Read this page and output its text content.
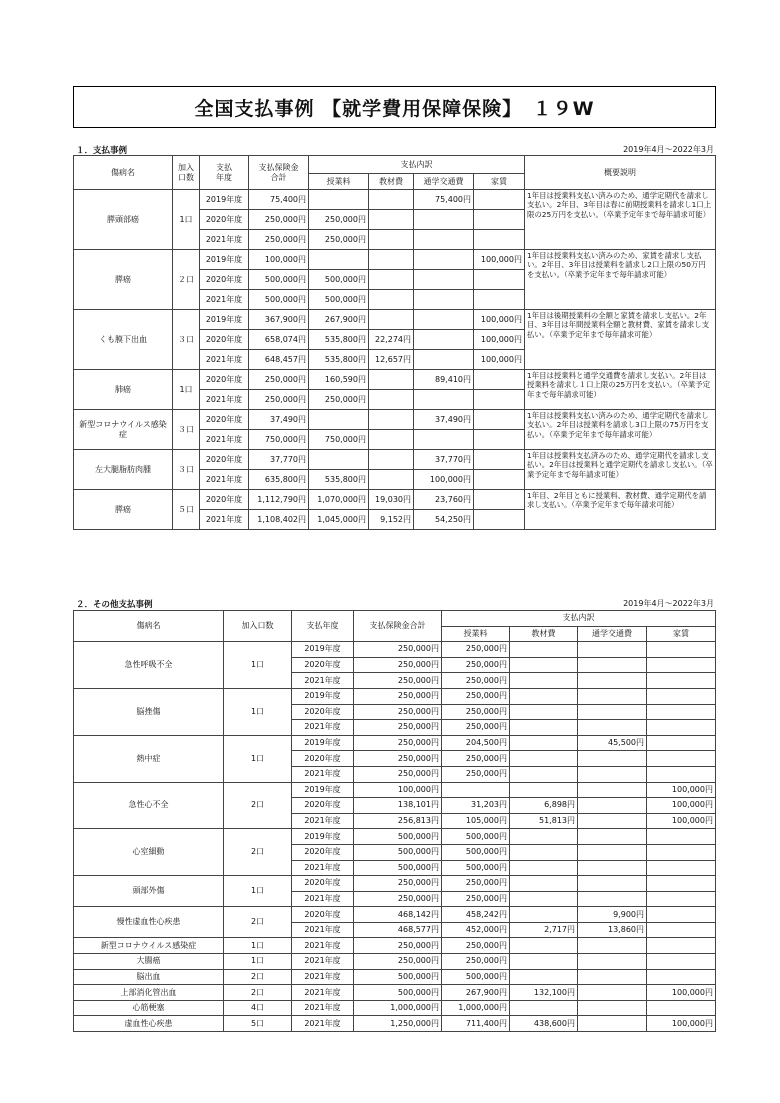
全国支払事例 【就学費用保障保険】　１９W
１．支払事例	2019年4月～2022年3月
傷病名	加入
口数	支払
年度	支払保険金
合計	支払内訳				概要説明
				授業料	教材費	通学交通費	家賃	
膵頭部癌	1口	2019年度	75,400円			75,400円		1年目は授業料支払い済みのため、通学定期代を請求し支払い。2年目、3年目は春に前期授業料を請求し1口上限の25万円を支払い。（卒業予定年まで毎年請求可能）
		2020年度	250,000円	250,000円				
		2021年度	250,000円	250,000円				
膵癌	２口	2019年度	100,000円				100,000円	1年目は授業料支払い済みのため、家賃を請求し支払い。2年目、3年目は授業料を請求し2口上限の50万円を支払い。（卒業予定年まで毎年請求可能）
		2020年度	500,000円	500,000円				
		2021年度	500,000円	500,000円				
くも膜下出血	３口	2019年度	367,900円	267,900円			100,000円	1年目は後期授業料の全額と家賃を請求し支払い。2年目、3年目は年間授業料全額と教材費、家賃を請求し支払い。（卒業予定年まで毎年請求可能）
		2020年度	658,074円	535,800円	22,274円		100,000円	
		2021年度	648,457円	535,800円	12,657円		100,000円	
肺癌	1口	2020年度	250,000円	160,590円		89,410円		1年目は授業料と通学交通費を請求し支払い。2年目は授業料を請求し１口上限の25万円を支払い。（卒業予定年まで毎年請求可能）
		2021年度	250,000円	250,000円				
新型コロナウイルス感染症	３口	2020年度	37,490円			37,490円		1年目は授業料支払い済みのため、通学定期代を請求し支払い。2年目は授業料を請求し3口上限の75万円を支払い。（卒業予定年まで毎年請求可能）
		2021年度	750,000円	750,000円				
左大腿脂肪肉腫	３口	2020年度	37,770円			37,770円		1年目は授業料支払済みのため、通学定期代を請求し支払い。2年目は授業料と通学定期代を請求し支払い。（卒業予定年まで毎年請求可能）
		2021年度	635,800円	535,800円		100,000円		
膵癌	５口	2020年度	1,112,790円	1,070,000円	19,030円	23,760円		1年目、2年目ともに授業料、教材費、通学定期代を請求し支払い。（卒業予定年まで毎年請求可能）
		2021年度	1,108,402円	1,045,000円	9,152円	54,250円		
２．その他支払事例	2019年4月～2022年3月
傷病名	加入口数	支払年度	支払保険金合計	支払内訳			
				授業料	教材費	通学交通費	家賃
急性呼吸不全	1口	2019年度	250,000円	250,000円			
		2020年度	250,000円	250,000円			
		2021年度	250,000円	250,000円			
脳挫傷	1口	2019年度	250,000円	250,000円			
		2020年度	250,000円	250,000円			
		2021年度	250,000円	250,000円			
熱中症	1口	2019年度	250,000円	204,500円		45,500円	
		2020年度	250,000円	250,000円			
		2021年度	250,000円	250,000円			
急性心不全	2口	2019年度	100,000円				100,000円
		2020年度	138,101円	31,203円	6,898円		100,000円
		2021年度	256,813円	105,000円	51,813円		100,000円
心室細動	2口	2019年度	500,000円	500,000円			
		2020年度	500,000円	500,000円			
		2021年度	500,000円	500,000円			
頭部外傷	1口	2020年度	250,000円	250,000円			
		2021年度	250,000円	250,000円			
慢性虚血性心疾患	2口	2020年度	468,142円	458,242円		9,900円	
		2021年度	468,577円	452,000円	2,717円	13,860円	
新型コロナウイルス感染症	1口	2021年度	250,000円	250,000円			
大腸癌	1口	2021年度	250,000円	250,000円			
脳出血	2口	2021年度	500,000円	500,000円			
上部消化管出血	2口	2021年度	500,000円	267,900円	132,100円		100,000円
心筋梗塞	4口	2021年度	1,000,000円	1,000,000円			
虚血性心疾患	5口	2021年度	1,250,000円	711,400円	438,600円		100,000円
